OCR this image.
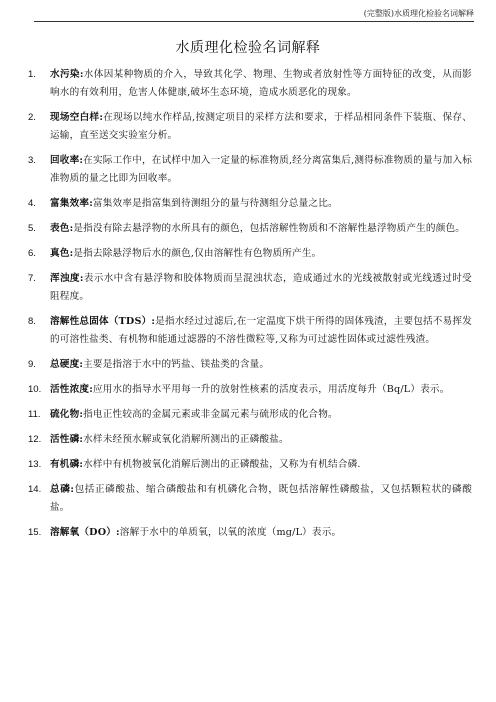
(完整版)水质理化检验名词解释
水质理化检验名词解释
1.	水污染:水体因某种物质的介入，导致其化学、物理、生物或者放射性等方面特征的改变，从而影响水的有效利用，危害人体健康,破坏生态环境，造成水质恶化的现象。
2.	现场空白样:在现场以纯水作样品,按测定项目的采样方法和要求，于样品相同条件下装瓶、保存、运输，直至送交实验室分析。
3.	回收率:在实际工作中，在试样中加入一定量的标准物质,经分离富集后,测得标准物质的量与加入标准物质的量之比即为回收率。
4.	富集效率:富集效率是指富集到待测组分的量与待测组分总量之比。
5.	表色:是指没有除去悬浮物的水所具有的颜色，包括溶解性物质和不溶解性悬浮物质产生的颜色。
6.	真色:是指去除悬浮物后水的颜色,仅由溶解性有色物质所产生。
7.	浑浊度:表示水中含有悬浮物和胶体物质而呈混浊状态，造成通过水的光线被散射或光线透过时受阻程度。
8.	溶解性总固体（TDS）:是指水经过过滤后,在一定温度下烘干所得的固体残渣，主要包括不易挥发的可溶性盐类、有机物和能通过滤器的不溶性微粒等,又称为可过滤性固体或过滤性残渣。
9.	总硬度:主要是指溶于水中的钙盐、镁盐类的含量。
10. 活性浓度:应用水的指导水平用每一升的放射性核素的活度表示，用活度每升（Bq/L）表示。
11. 硫化物:指电正性较高的金属元素或非金属元素与硫形成的化合物。
12. 活性磷:水样未经预水解或氧化消解所测出的正磷酸盐。
13. 有机磷:水样中有机物被氧化消解后测出的正磷酸盐，又称为有机结合磷.
14. 总磷:包括正磷酸盐、缩合磷酸盐和有机磷化合物，既包括溶解性磷酸盐，又包括颗粒状的磷酸盐。
15. 溶解氧（DO）:溶解于水中的单质氧，以氧的浓度（mg/L）表示。
